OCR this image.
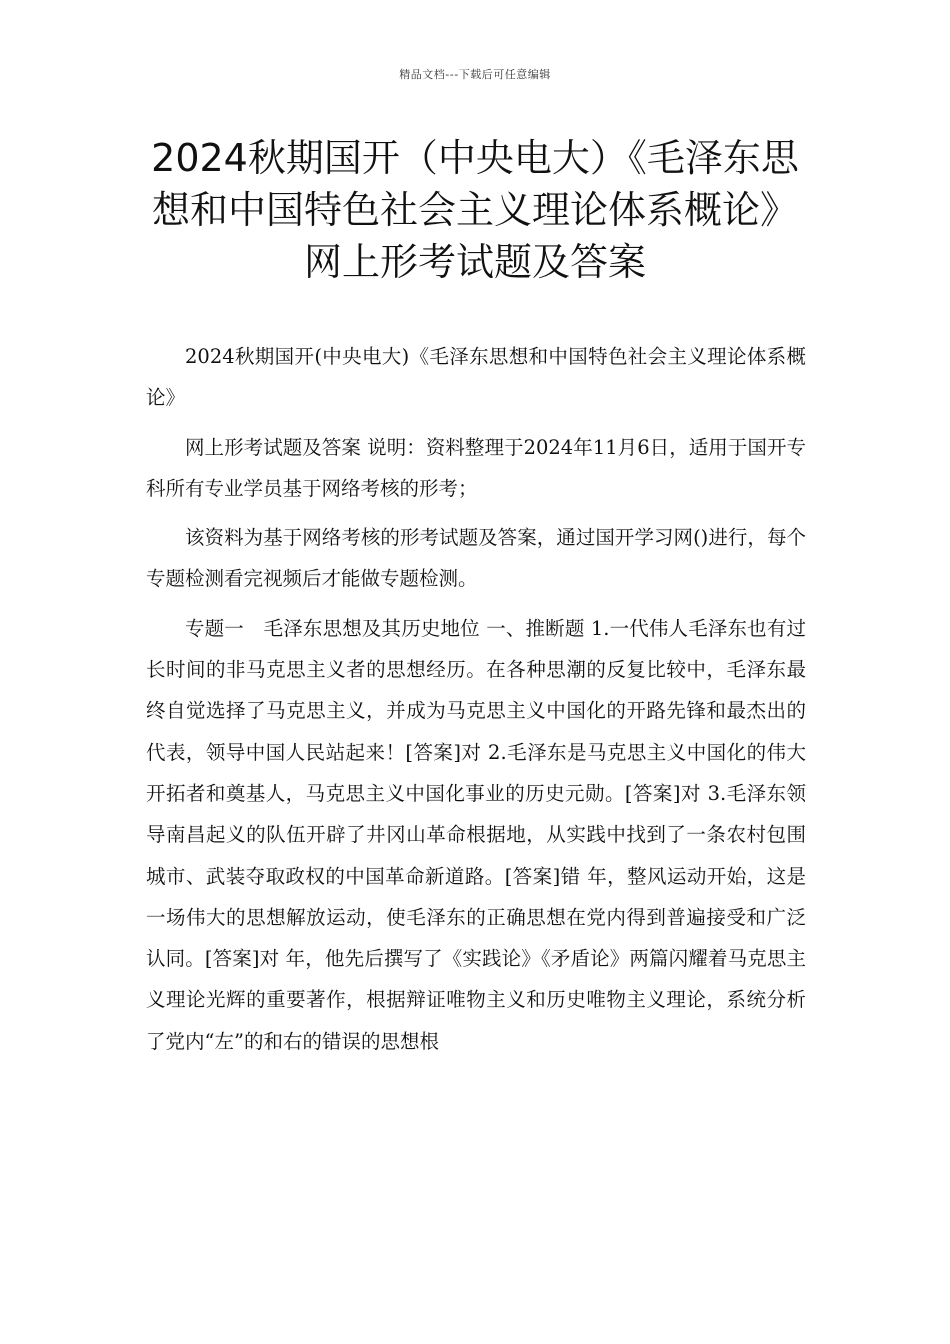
精品文档---下载后可任意编辑
2024秋期国开（中央电大）《毛泽东思
想和中国特色社会主义理论体系概论》
网上形考试题及答案

2024秋期国开(中央电大)《毛泽东思想和中国特色社会主义理论体系概论》

网上形考试题及答案 说明：资料整理于2024年11月6日，适用于国开专科所有专业学员基于网络考核的形考；

该资料为基于网络考核的形考试题及答案，通过国开学习网()进行，每个专题检测看完视频后才能做专题检测。

专题一　毛泽东思想及其历史地位 一、推断题 1.一代伟人毛泽东也有过长时间的非马克思主义者的思想经历。在各种思潮的反复比较中，毛泽东最终自觉选择了马克思主义，并成为马克思主义中国化的开路先锋和最杰出的代表，领导中国人民站起来！[答案]对 2.毛泽东是马克思主义中国化的伟大开拓者和奠基人，马克思主义中国化事业的历史元勋。[答案]对 3.毛泽东领导南昌起义的队伍开辟了井冈山革命根据地，从实践中找到了一条农村包围城市、武装夺取政权的中国革命新道路。[答案]错 年，整风运动开始，这是一场伟大的思想解放运动，使毛泽东的正确思想在党内得到普遍接受和广泛认同。[答案]对 年，他先后撰写了《实践论》《矛盾论》两篇闪耀着马克思主义理论光辉的重要著作，根据辩证唯物主义和历史唯物主义理论，系统分析了党内“左”的和右的错误的思想根
